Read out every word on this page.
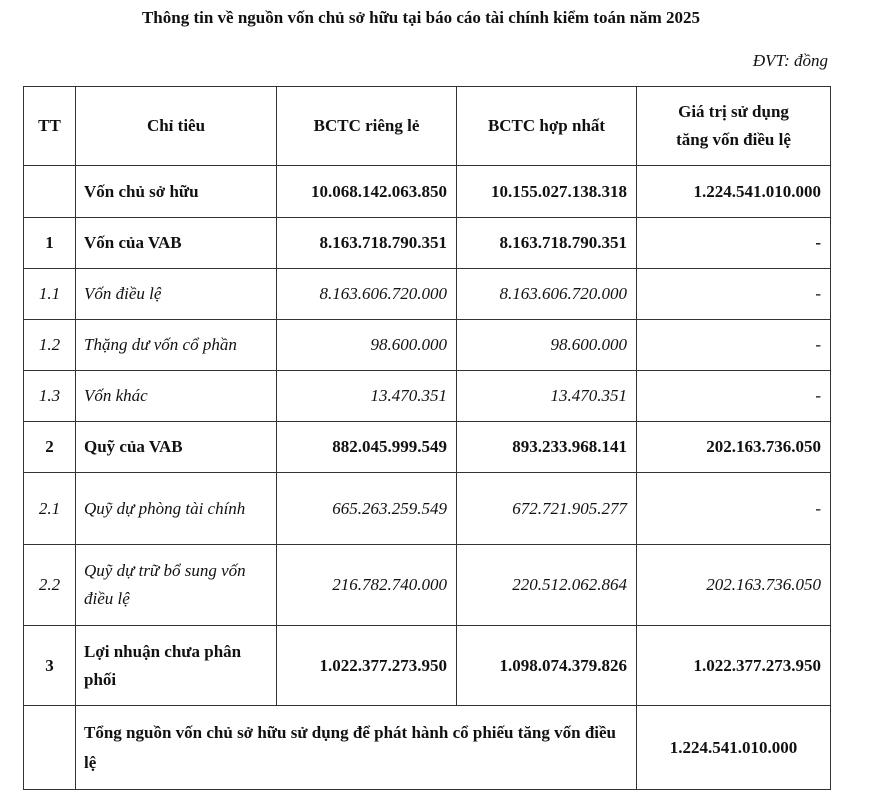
Thông tin về nguồn vốn chủ sở hữu tại báo cáo tài chính kiểm toán năm 2025
ĐVT: đồng
TT	Chỉ tiêu	BCTC riêng lẻ	BCTC hợp nhất	Giá trị sử dụng
tăng vốn điều lệ
	Vốn chủ sở hữu	10.068.142.063.850	10.155.027.138.318	1.224.541.010.000
1	Vốn của VAB	8.163.718.790.351	8.163.718.790.351	-
1.1	Vốn điều lệ	8.163.606.720.000	8.163.606.720.000	-
1.2	Thặng dư vốn cổ phần	98.600.000	98.600.000	-
1.3	Vốn khác	13.470.351	13.470.351	-
2	Quỹ của VAB	882.045.999.549	893.233.968.141	202.163.736.050
2.1	Quỹ dự phòng tài chính	665.263.259.549	672.721.905.277	-
2.2	Quỹ dự trữ bổ sung vốn điều lệ	216.782.740.000	220.512.062.864	202.163.736.050
3	Lợi nhuận chưa phân phối	1.022.377.273.950	1.098.074.379.826	1.022.377.273.950
	Tổng nguồn vốn chủ sở hữu sử dụng để phát hành cổ phiếu tăng vốn điều lệ			1.224.541.010.000
